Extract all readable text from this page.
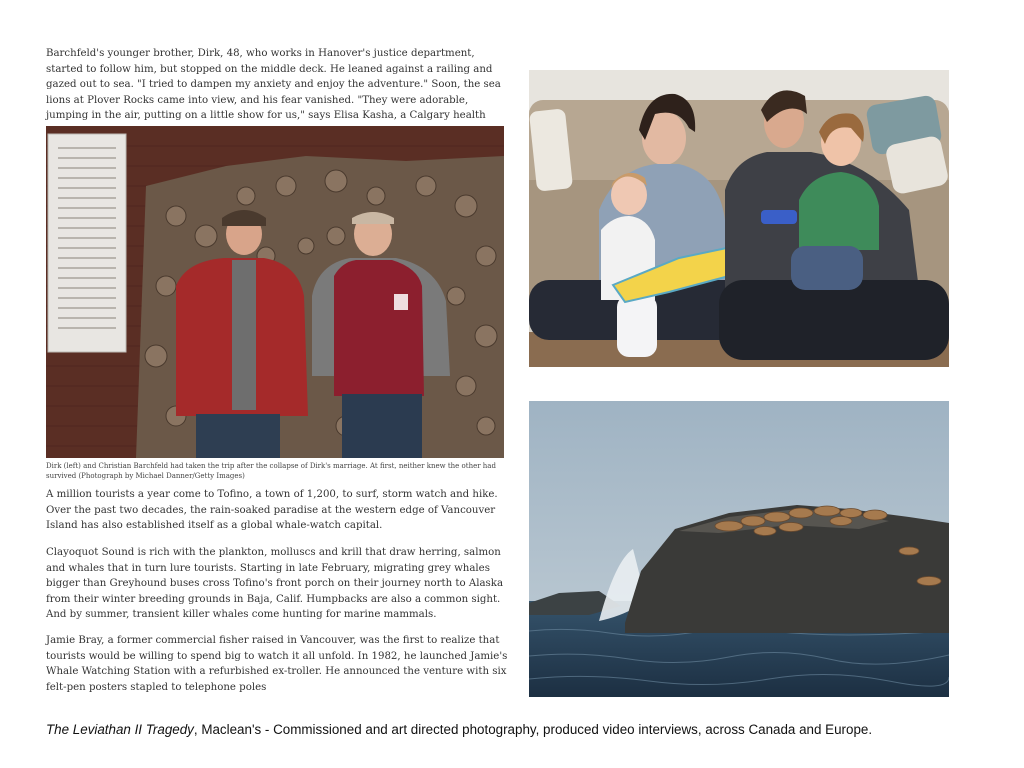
Barchfeld's younger brother, Dirk, 48, who works in Hanover's justice department, started to follow him, but stopped on the middle deck. He leaned against a railing and gazed out to sea. "I tried to dampen my anxiety and enjoy the adventure." Soon, the sea lions at Plover Rocks came into view, and his fear vanished. "They were adorable, jumping in the air, putting on a little show for us," says Elisa Kasha, a Calgary health

Dirk (left) and Christian Barchfeld had taken the trip after the collapse of Dirk's marriage. At first, neither knew the other had survived (Photograph by Michael Danner/Getty Images)

A million tourists a year come to Tofino, a town of 1,200, to surf, storm watch and hike. Over the past two decades, the rain-soaked paradise at the western edge of Vancouver Island has also established itself as a global whale-watch capital.

Clayoquot Sound is rich with the plankton, molluscs and krill that draw herring, salmon and whales that in turn lure tourists. Starting in late February, migrating grey whales bigger than Greyhound buses cross Tofino's front porch on their journey north to Alaska from their winter breeding grounds in Baja, Calif. Humpbacks are also a common sight. And by summer, transient killer whales come hunting for marine mammals.

Jamie Bray, a former commercial fisher raised in Vancouver, was the first to realize that tourists would be willing to spend big to watch it all unfold. In 1982, he launched Jamie's Whale Watching Station with a refurbished ex-troller. He announced the venture with six felt-pen posters stapled to telephone poles

The Leviathan II Tragedy, Maclean's - Commissioned and art directed photography, produced video interviews, across Canada and Europe.
